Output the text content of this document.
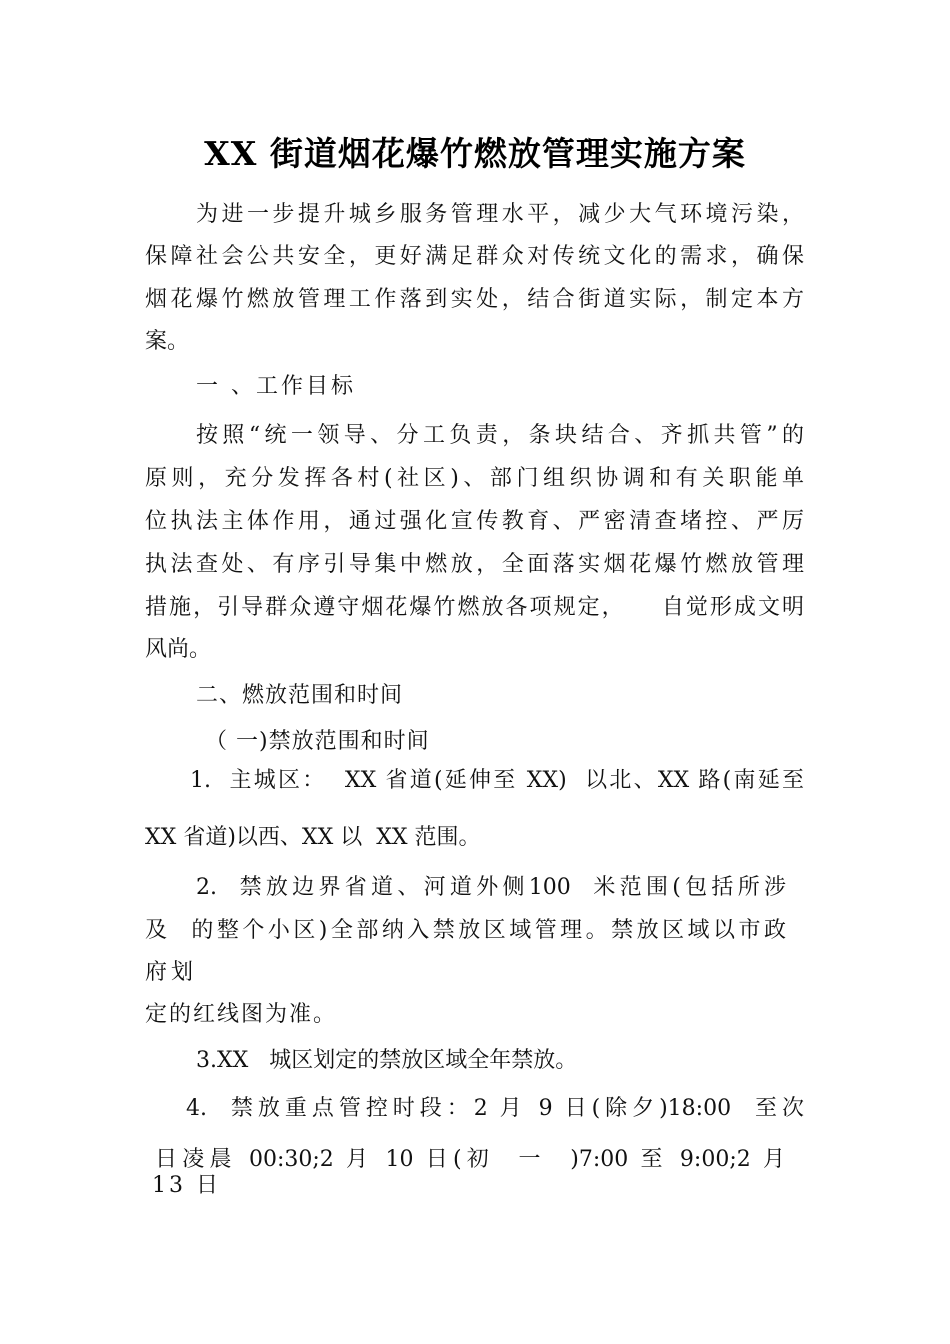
XX 街道烟花爆竹燃放管理实施方案
为进一步提升城乡服务管理水平，减少大气环境污染，
保障社会公共安全，更好满足群众对传统文化的需求，确保
烟花爆竹燃放管理工作落到实处，结合街道实际，制定本方
案。
一 、工作目标
按照“统一领导、分工负责，条块结合、齐抓共管”的
原则，充分发挥各村(社区)、部门组织协调和有关职能单
位执法主体作用，通过强化宣传教育、严密清查堵控、严厉
执法查处、有序引导集中燃放，全面落实烟花爆竹燃放管理
措施，引导群众遵守烟花爆竹燃放各项规定，    自觉形成文明
风尚。
二、燃放范围和时间
（ 一)禁放范围和时间
1.  主城区：  XX 省道(延伸至 XX)  以北、XX 路(南延至
XX 省道)以西、XX 以  XX 范围。
2.  禁放边界省道、河道外侧100  米范围(包括所涉
及  的整个小区)全部纳入禁放区域管理。禁放区域以市政
府划
定的红线图为准。
3.XX   城区划定的禁放区域全年禁放。
4.  禁放重点管控时段：2 月 9 日(除夕)18:00  至次
日凌晨 00:30;2 月 10 日(初  一  )7:00 至 9:00;2 月
13 日
